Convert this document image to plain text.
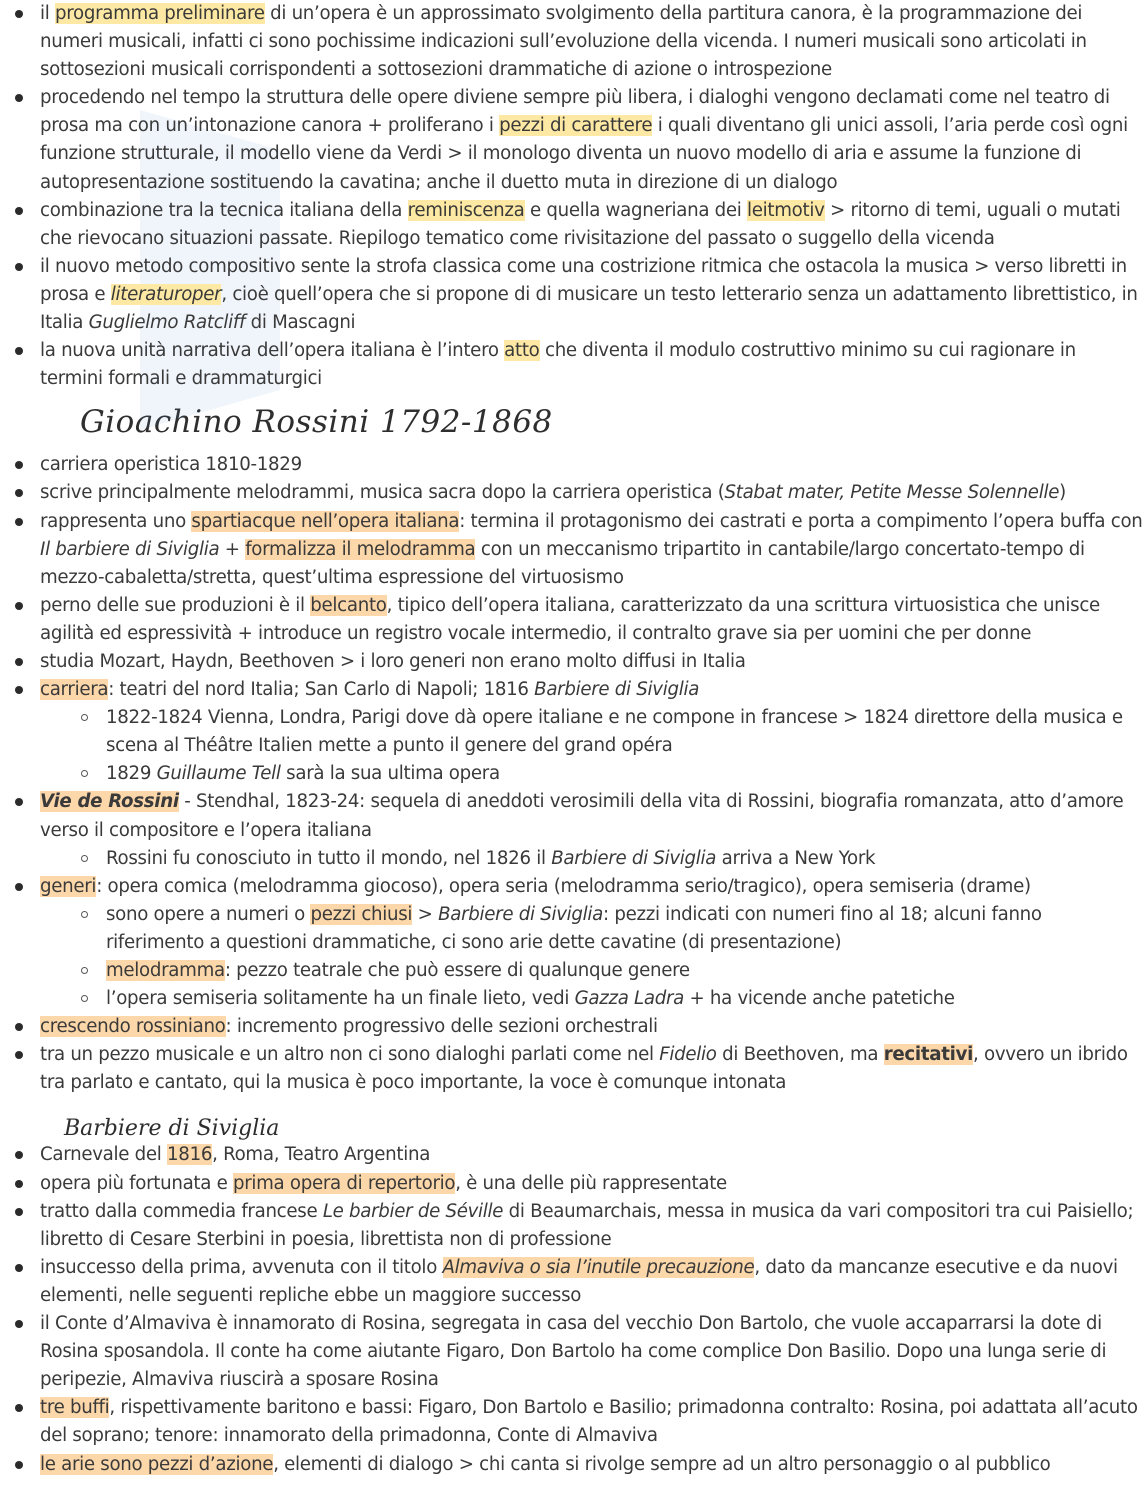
il programma preliminare di un’opera è un approssimato svolgimento della partitura canora, è la programmazione dei numeri musicali, infatti ci sono pochissime indicazioni sull’evoluzione della vicenda. I numeri musicali sono articolati in sottosezioni musicali corrispondenti a sottosezioni drammatiche di azione o introspezione
procedendo nel tempo la struttura delle opere diviene sempre più libera, i dialoghi vengono declamati come nel teatro di prosa ma con un’intonazione canora + proliferano i pezzi di carattere i quali diventano gli unici assoli, l’aria perde così ogni funzione strutturale, il modello viene da Verdi > il monologo diventa un nuovo modello di aria e assume la funzione di autopresentazione sostituendo la cavatina; anche il duetto muta in direzione di un dialogo
combinazione tra la tecnica italiana della reminiscenza e quella wagneriana dei leitmotiv > ritorno di temi, uguali o mutati che rievocano situazioni passate. Riepilogo tematico come rivisitazione del passato o suggello della vicenda
il nuovo metodo compositivo sente la strofa classica come una costrizione ritmica che ostacola la musica > verso libretti in prosa e literaturoper, cioè quell’opera che si propone di di musicare un testo letterario senza un adattamento librettistico, in Italia Guglielmo Ratcliff di Mascagni
la nuova unità narrativa dell’opera italiana è l’intero atto che diventa il modulo costruttivo minimo su cui ragionare in termini formali e drammaturgici
Gioachino Rossini 1792-1868
carriera operistica 1810-1829
scrive principalmente melodrammi, musica sacra dopo la carriera operistica (Stabat mater, Petite Messe Solennelle)
rappresenta uno spartiacque nell’opera italiana: termina il protagonismo dei castrati e porta a compimento l’opera buffa con Il barbiere di Siviglia + formalizza il melodramma con un meccanismo tripartito in cantabile/largo concertato-tempo di mezzo-cabaletta/stretta, quest’ultima espressione del virtuosismo
perno delle sue produzioni è il belcanto, tipico dell’opera italiana, caratterizzato da una scrittura virtuosistica che unisce agilità ed espressività + introduce un registro vocale intermedio, il contralto grave sia per uomini che per donne
studia Mozart, Haydn, Beethoven > i loro generi non erano molto diffusi in Italia
carriera: teatri del nord Italia; San Carlo di Napoli; 1816 Barbiere di Siviglia
1822-1824 Vienna, Londra, Parigi dove dà opere italiane e ne compone in francese > 1824 direttore della musica e scena al Théâtre Italien mette a punto il genere del grand opéra
1829 Guillaume Tell sarà la sua ultima opera
Vie de Rossini - Stendhal, 1823-24: sequela di aneddoti verosimili della vita di Rossini, biografia romanzata, atto d’amore verso il compositore e l’opera italiana
Rossini fu conosciuto in tutto il mondo, nel 1826 il Barbiere di Siviglia arriva a New York
generi: opera comica (melodramma giocoso), opera seria (melodramma serio/tragico), opera semiseria (drame)
sono opere a numeri o pezzi chiusi > Barbiere di Siviglia: pezzi indicati con numeri fino al 18; alcuni fanno riferimento a questioni drammatiche, ci sono arie dette cavatine (di presentazione)
melodramma: pezzo teatrale che può essere di qualunque genere
l’opera semiseria solitamente ha un finale lieto, vedi Gazza Ladra + ha vicende anche patetiche
crescendo rossiniano: incremento progressivo delle sezioni orchestrali
tra un pezzo musicale e un altro non ci sono dialoghi parlati come nel Fidelio di Beethoven, ma recitativi, ovvero un ibrido tra parlato e cantato, qui la musica è poco importante, la voce è comunque intonata
Barbiere di Siviglia
Carnevale del 1816, Roma, Teatro Argentina
opera più fortunata e prima opera di repertorio, è una delle più rappresentate
tratto dalla commedia francese Le barbier de Séville di Beaumarchais, messa in musica da vari compositori tra cui Paisiello; libretto di Cesare Sterbini in poesia, librettista non di professione
insuccesso della prima, avvenuta con il titolo Almaviva o sia l’inutile precauzione, dato da mancanze esecutive e da nuovi elementi, nelle seguenti repliche ebbe un maggiore successo
il Conte d’Almaviva è innamorato di Rosina, segregata in casa del vecchio Don Bartolo, che vuole accaparrarsi la dote di Rosina sposandola. Il conte ha come aiutante Figaro, Don Bartolo ha come complice Don Basilio. Dopo una lunga serie di peripezie, Almaviva riuscirà a sposare Rosina
tre buffi, rispettivamente baritono e bassi: Figaro, Don Bartolo e Basilio; primadonna contralto: Rosina, poi adattata all’acuto del soprano; tenore: innamorato della primadonna, Conte di Almaviva
le arie sono pezzi d’azione, elementi di dialogo > chi canta si rivolge sempre ad un altro personaggio o al pubblico
